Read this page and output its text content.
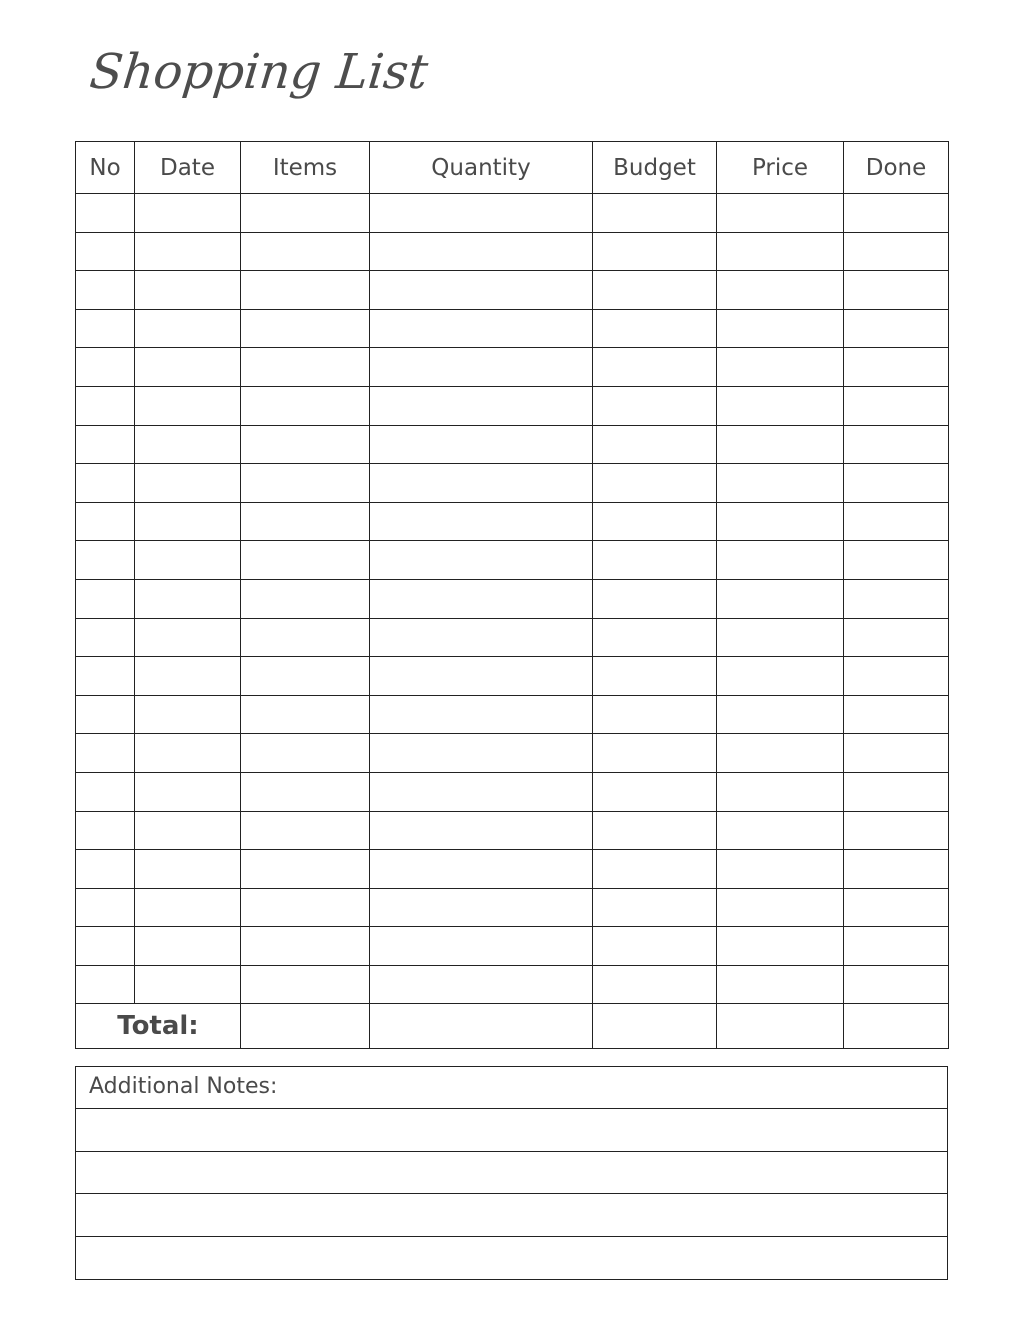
Shopping List
No	Date	Items	Quantity	Budget	Price	Done

Total:						
Additional Notes:
